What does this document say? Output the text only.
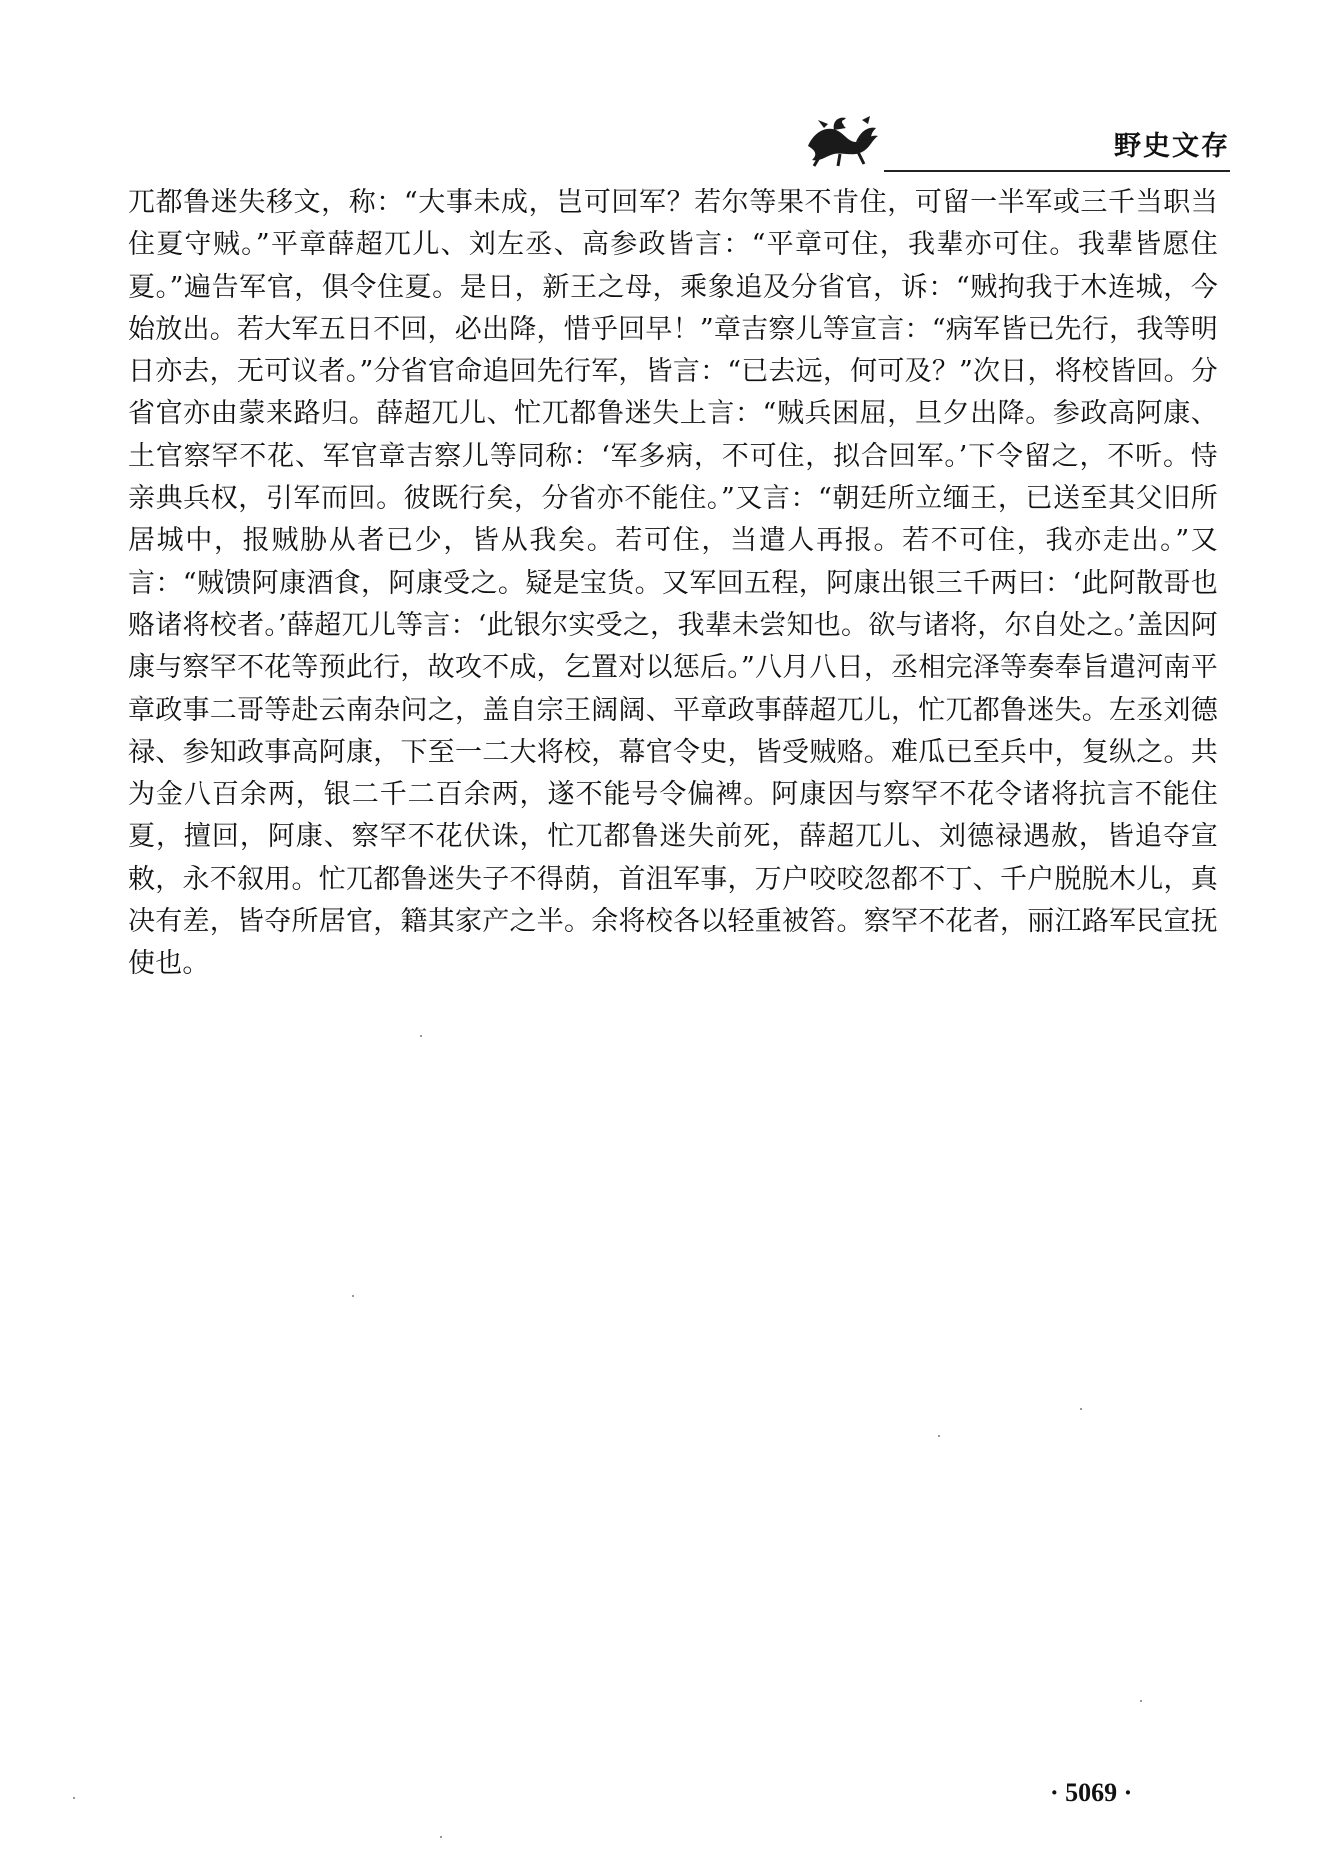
野史文存

兀都鲁迷失移文，称：“大事未成，岂可回军？若尔等果不肯住，可留一半军或三千当职当住夏守贼。”平章薛超兀儿、刘左丞、高参政皆言：“平章可住，我辈亦可住。我辈皆愿住夏。”遍告军官，俱令住夏。是日，新王之母，乘象追及分省官，诉：“贼拘我于木连城，今始放出。若大军五日不回，必出降，惜乎回早！”章吉察儿等宣言：“病军皆已先行，我等明日亦去，无可议者。”分省官命追回先行军，皆言：“已去远，何可及？”次日，将校皆回。分省官亦由蒙来路归。薛超兀儿、忙兀都鲁迷失上言：“贼兵困屈，旦夕出降。参政高阿康、土官察罕不花、军官章吉察儿等同称：‘军多病，不可住，拟合回军。’下令留之，不听。恃亲典兵权，引军而回。彼既行矣，分省亦不能住。”又言：“朝廷所立缅王，已送至其父旧所居城中，报贼胁从者已少，皆从我矣。若可住，当遣人再报。若不可住，我亦走出。”又言：“贼馈阿康酒食，阿康受之。疑是宝货。又军回五程，阿康出银三千两曰：‘此阿散哥也赂诸将校者。’薛超兀儿等言：‘此银尔实受之，我辈未尝知也。欲与诸将，尔自处之。’盖因阿康与察罕不花等预此行，故攻不成，乞置对以惩后。”八月八日，丞相完泽等奏奉旨遣河南平章政事二哥等赴云南杂问之，盖自宗王阔阔、平章政事薛超兀儿，忙兀都鲁迷失。左丞刘德禄、参知政事高阿康，下至一二大将校，幕官令史，皆受贼赂。难瓜已至兵中，复纵之。共为金八百余两，银二千二百余两，遂不能号令偏裨。阿康因与察罕不花令诸将抗言不能住夏，擅回，阿康、察罕不花伏诛，忙兀都鲁迷失前死，薛超兀儿、刘德禄遇赦，皆追夺宣敕，永不叙用。忙兀都鲁迷失子不得荫，首沮军事，万户咬咬忽都不丁、千户脱脱木儿，真决有差，皆夺所居官，籍其家产之半。余将校各以轻重被笞。察罕不花者，丽江路军民宣抚使也。

· 5069 ·
